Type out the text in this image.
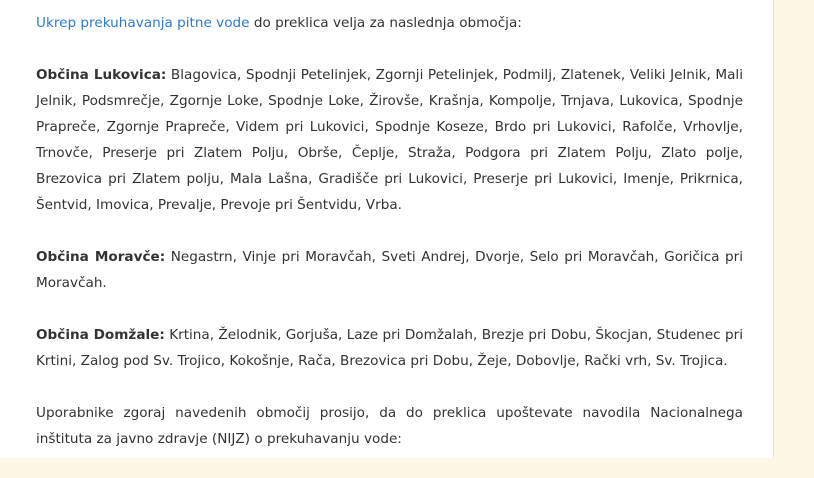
Ukrep prekuhavanja pitne vode do preklica velja za naslednja območja:

Občina Lukovica: Blagovica, Spodnji Petelinjek, Zgornji Petelinjek, Podmilj, Zlatenek, Veliki Jelnik, Mali Jelnik, Podsmrečje, Zgornje Loke, Spodnje Loke, Žirovše, Krašnja, Kompolje, Trnjava, Lukovica, Spodnje Prapreče, Zgornje Prapreče, Videm pri Lukovici, Spodnje Koseze, Brdo pri Lukovici, Rafolče, Vrhovlje, Trnovče, Preserje pri Zlatem Polju, Obrše, Čeplje, Straža, Podgora pri Zlatem Polju, Zlato polje, Brezovica pri Zlatem polju, Mala Lašna, Gradišče pri Lukovici, Preserje pri Lukovici, Imenje, Prikrnica, Šentvid, Imovica, Prevalje, Prevoje pri Šentvidu, Vrba.

Občina Moravče: Negastrn, Vinje pri Moravčah, Sveti Andrej, Dvorje, Selo pri Moravčah, Goričica pri Moravčah.

Občina Domžale: Krtina, Želodnik, Gorjuša, Laze pri Domžalah, Brezje pri Dobu, Škocjan, Studenec pri Krtini, Zalog pod Sv. Trojico, Kokošnje, Rača, Brezovica pri Dobu, Žeje, Dobovlje, Rački vrh, Sv. Trojica.

Uporabnike zgoraj navedenih območij prosijo, da do preklica upoštevate navodila Nacionalnega inštituta za javno zdravje (NIJZ) o prekuhavanju vode:
